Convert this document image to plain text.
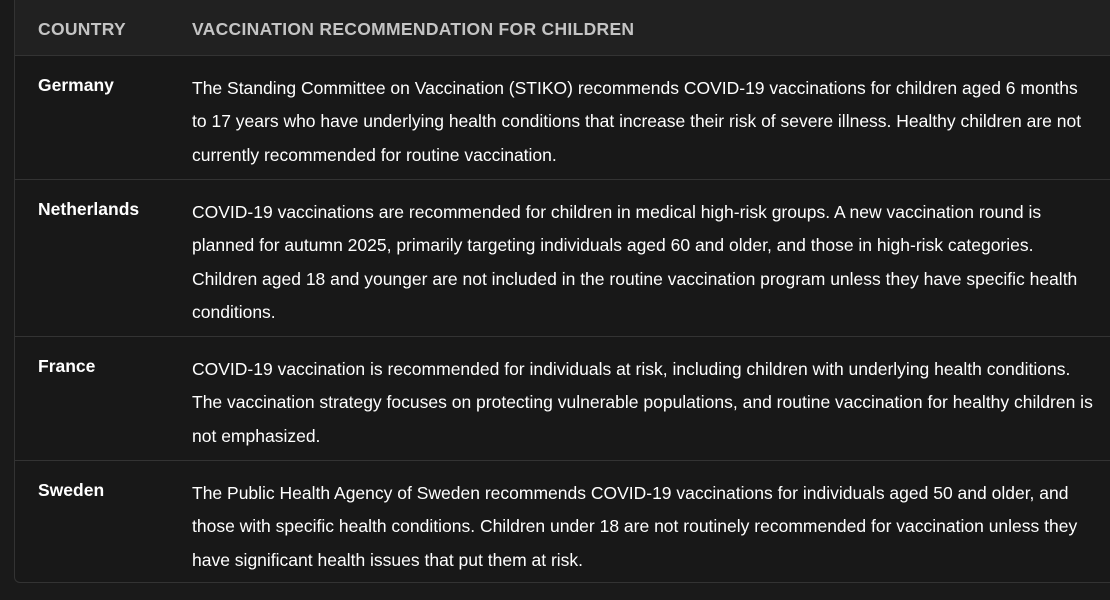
COUNTRY	VACCINATION RECOMMENDATION FOR CHILDREN
Germany	The Standing Committee on Vaccination (STIKO) recommends COVID-19 vaccinations for children aged 6 months to 17 years who have underlying health conditions that increase their risk of severe illness. Healthy children are not currently recommended for routine vaccination.
Netherlands	COVID-19 vaccinations are recommended for children in medical high-risk groups. A new vaccination round is planned for autumn 2025, primarily targeting individuals aged 60 and older, and those in high-risk categories. Children aged 18 and younger are not included in the routine vaccination program unless they have specific health conditions.
France	COVID-19 vaccination is recommended for individuals at risk, including children with underlying health conditions. The vaccination strategy focuses on protecting vulnerable populations, and routine vaccination for healthy children is not emphasized.
Sweden	The Public Health Agency of Sweden recommends COVID-19 vaccinations for individuals aged 50 and older, and those with specific health conditions. Children under 18 are not routinely recommended for vaccination unless they have significant health issues that put them at risk.
